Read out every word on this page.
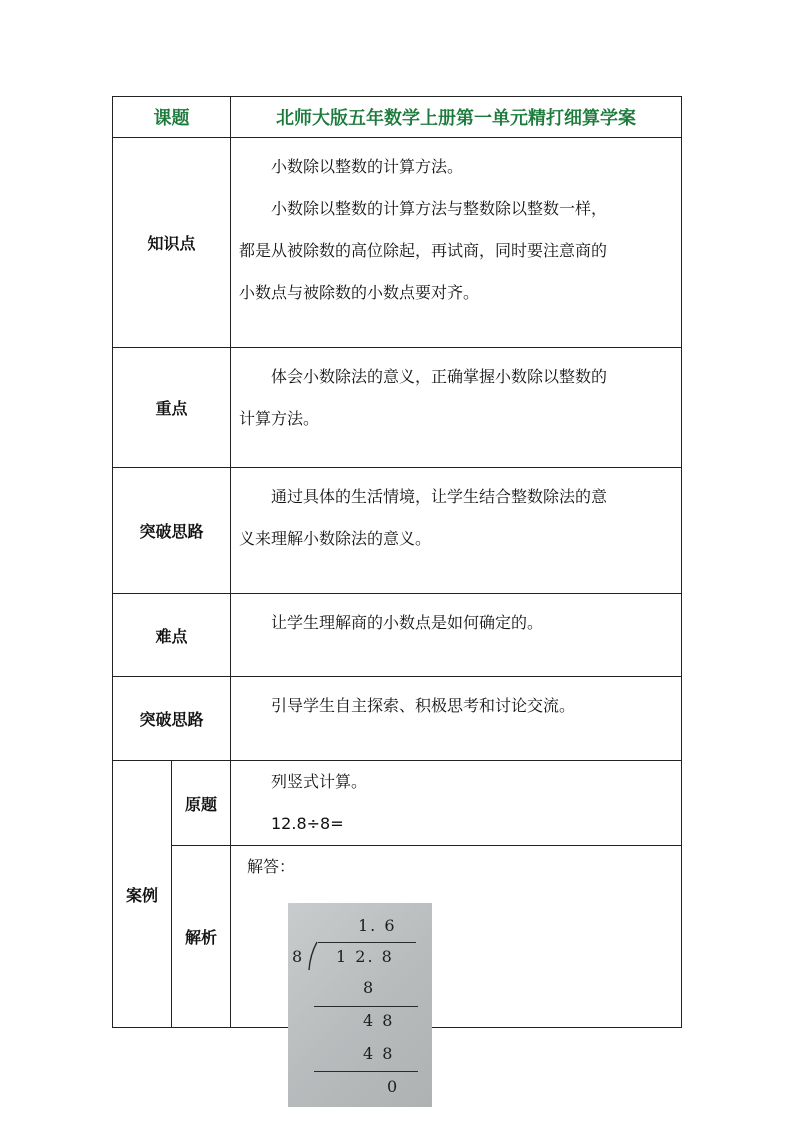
课题		北师大版五年数学上册第一单元精打细算学案
知识点		小数除以整数的计算方法。

小数除以整数的计算方法与整数除以整数一样，

都是从被除数的高位除起，再试商，同时要注意商的

小数点与被除数的小数点要对齐。

重点		体会小数除法的意义，正确掌握小数除以整数的

计算方法。

突破思路		通过具体的生活情境，让学生结合整数除法的意

义来理解小数除法的意义。

难点		让学生理解商的小数点是如何确定的。

突破思路		引导学生自主探索、积极思考和讨论交流。

案例	原题	列竖式计算。

12.8÷8=

	解析	解答：

1. 6
8 1 2. 8
8
4 8
4 8
0
